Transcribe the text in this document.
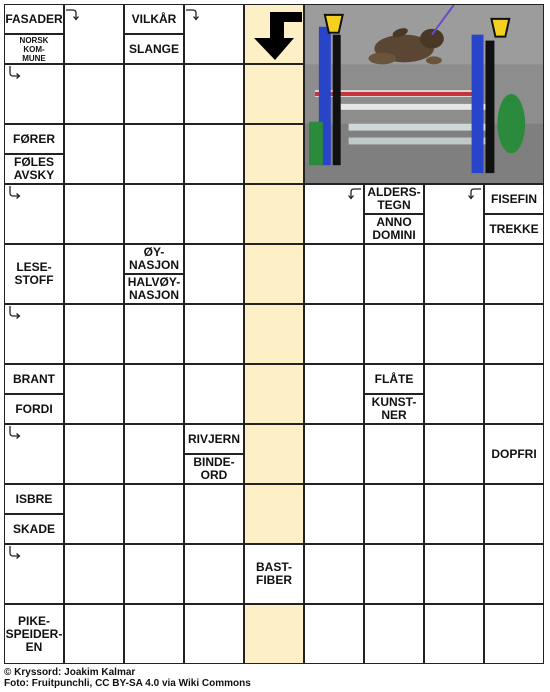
FASADER
NORSK
KOM-
MUNE
VILKÅR
SLANGE
FØRER
FØLES
AVSKY
ALDERS-
TEGN
ANNO
DOMINI
FISEFIN
TREKKE
LESE-
STOFF
ØY-
NASJON
HALVØY-
NASJON
BRANT
FORDI
FLÅTE
KUNST-
NER
RIVJERN
BINDE-
ORD
DOPFRI
ISBRE
SKADE
BAST-
FIBER
PIKE-
SPEIDER-
EN
© Kryssord: Joakim Kalmar
Foto: Fruitpunchli, CC BY-SA 4.0 via Wiki Commons
